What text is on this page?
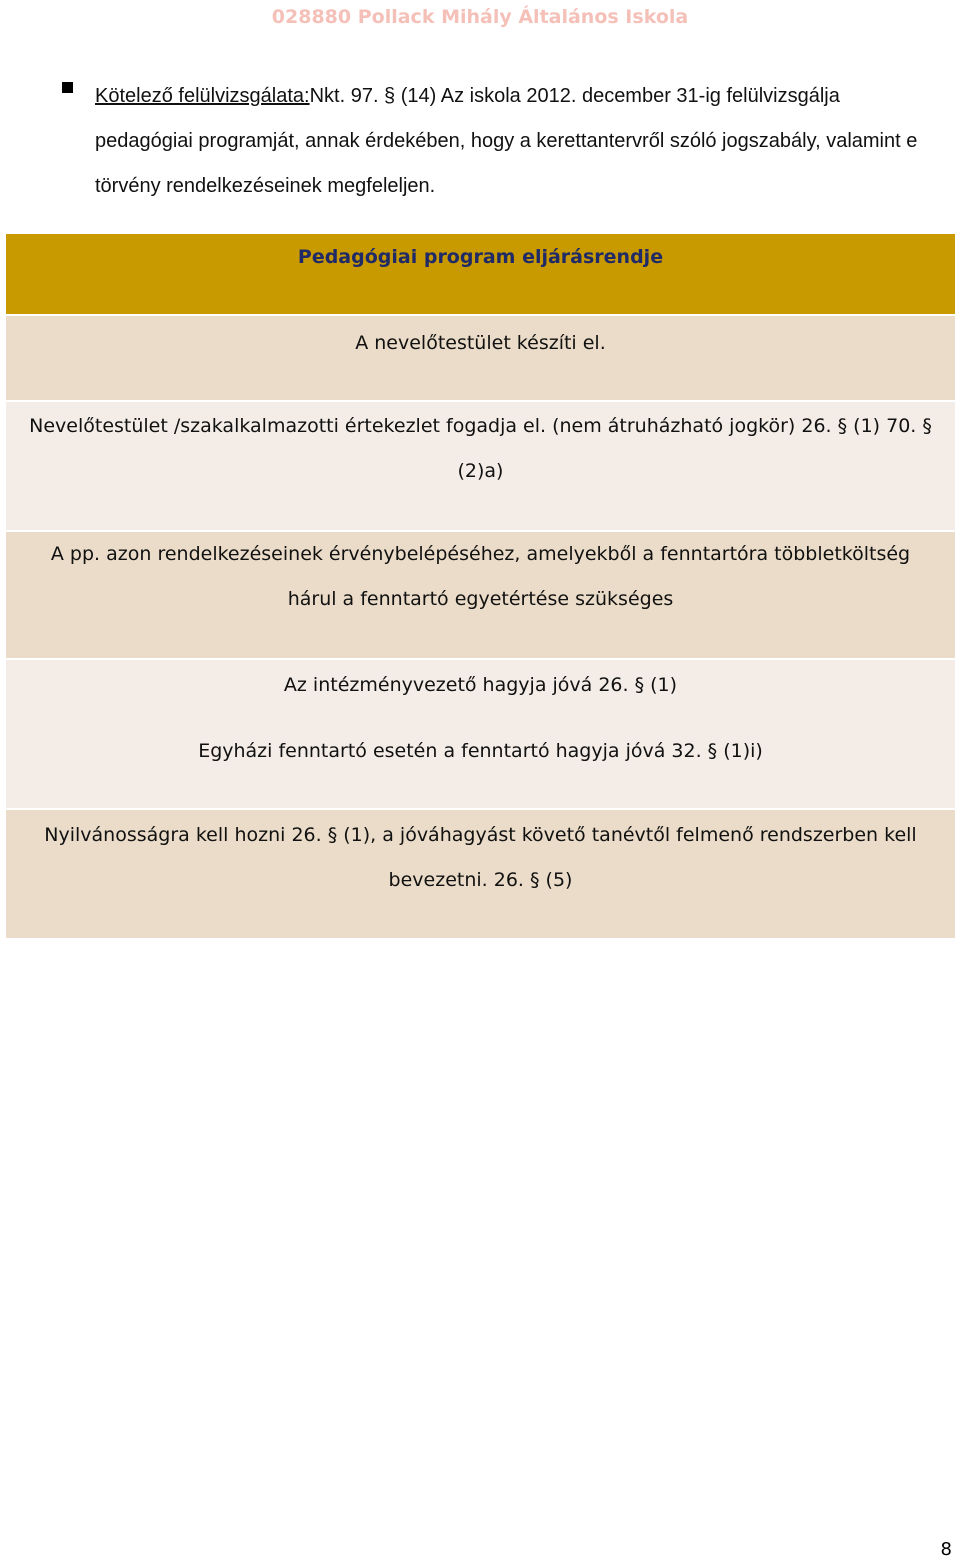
028880 Pollack Mihály Általános Iskola
Kötelező felülvizsgálata:Nkt. 97. § (14) Az iskola 2012. december 31-ig felülvizsgálja pedagógiai programját, annak érdekében, hogy a kerettantervről szóló jogszabály, valamint e törvény rendelkezéseinek megfeleljen.
Pedagógiai program eljárásrendje
A nevelőtestület készíti el.
Nevelőtestület /szakalkalmazotti értekezlet fogadja el. (nem átruházható jogkör) 26. § (1) 70. § (2)a)
A pp. azon rendelkezéseinek érvénybelépéséhez, amelyekből a fenntartóra többletköltség hárul a fenntartó egyetértése szükséges
Az intézményvezető hagyja jóvá 26. § (1)
Egyházi fenntartó esetén a fenntartó hagyja jóvá 32. § (1)i)
Nyilvánosságra kell hozni 26. § (1), a jóváhagyást követő tanévtől felmenő rendszerben kell bevezetni. 26. § (5)
8
